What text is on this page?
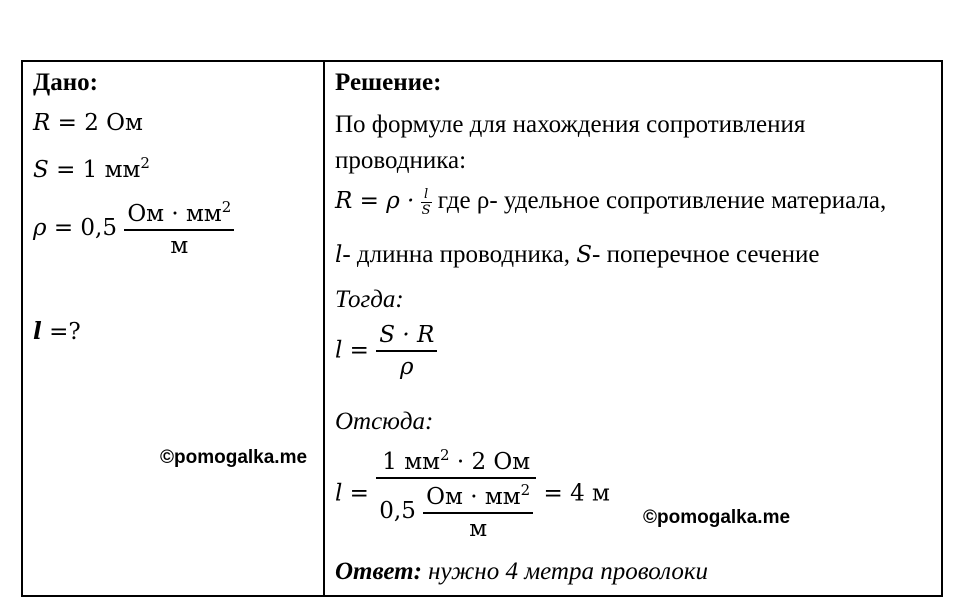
Дано:
R = 2 Ом
S = 1 $мм^2$
$\rho = 0,5 \frac{Ом \cdot мм^2}{м}$
l =?
©pomogalka.me
Решение:
По формуле для нахождения сопротивления
проводника:
$R = \rho \cdot \frac{l}{S}$ где ρ- удельное сопротивление материала,
l- длинна проводника, S- поперечное сечение
Тогда:
$l = \frac{S \cdot R}{\rho}$
Отсюда:
$l = \frac{1 мм^2 \cdot 2 Ом}{0,5 \frac{Ом \cdot мм^2}{м}} = 4$ м
©pomogalka.me
Ответ: нужно 4 метра проволоки
